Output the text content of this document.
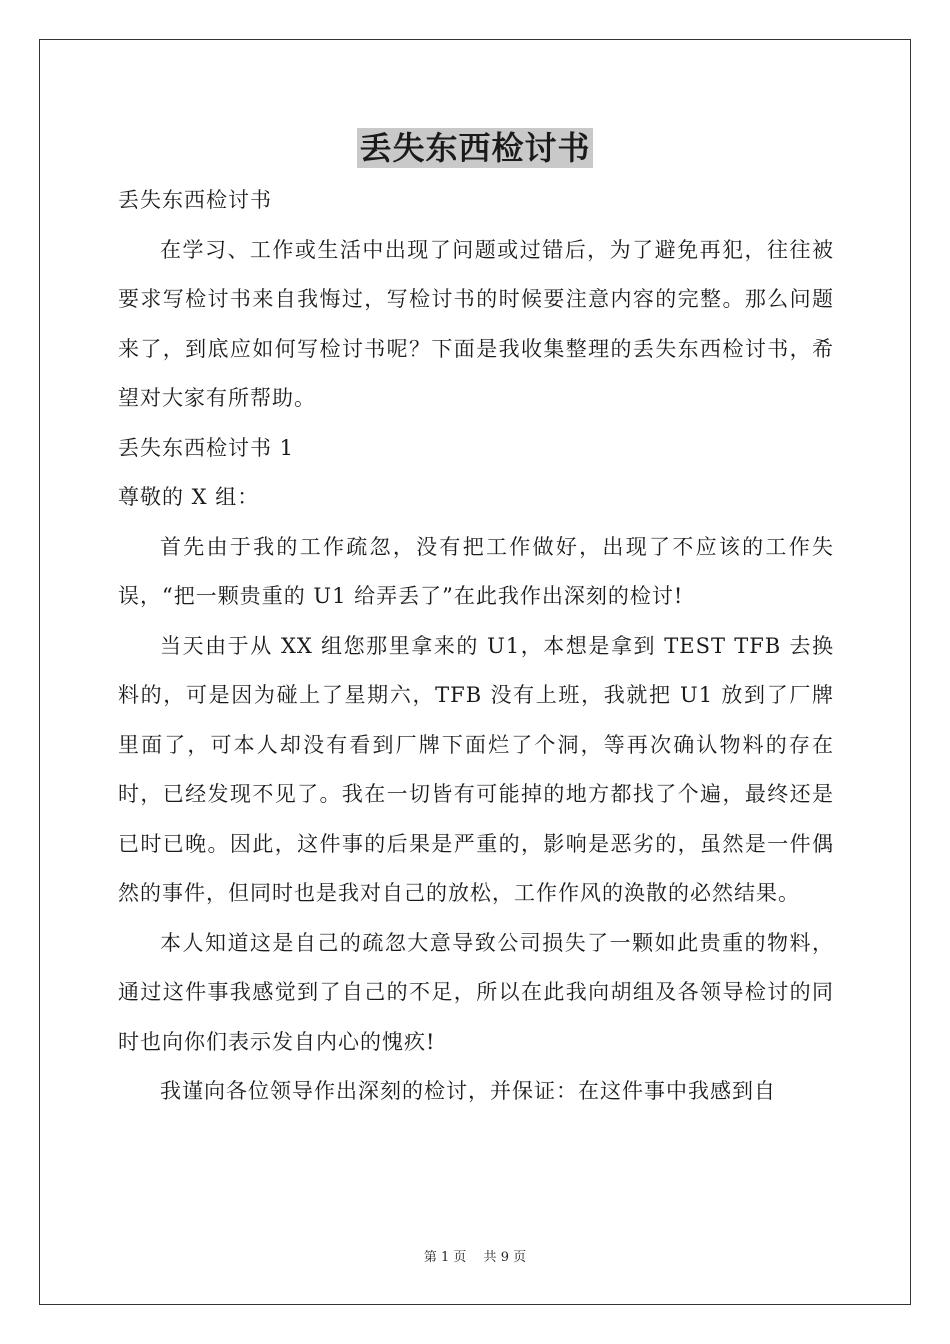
丢失东西检讨书

丢失东西检讨书

在学习、工作或生活中出现了问题或过错后，为了避免再犯，往往被要求写检讨书来自我悔过，写检讨书的时候要注意内容的完整。那么问题来了，到底应如何写检讨书呢？下面是我收集整理的丢失东西检讨书，希望对大家有所帮助。

丢失东西检讨书 1

尊敬的 X 组：

首先由于我的工作疏忽，没有把工作做好，出现了不应该的工作失误，“把一颗贵重的 U1 给弄丢了”在此我作出深刻的检讨!

当天由于从 XX 组您那里拿来的 U1，本想是拿到 TEST TFB 去换料的，可是因为碰上了星期六，TFB 没有上班，我就把 U1 放到了厂牌里面了，可本人却没有看到厂牌下面烂了个洞，等再次确认物料的存在时，已经发现不见了。我在一切皆有可能掉的地方都找了个遍，最终还是已时已晚。因此，这件事的后果是严重的，影响是恶劣的，虽然是一件偶然的事件，但同时也是我对自己的放松，工作作风的涣散的必然结果。

本人知道这是自己的疏忽大意导致公司损失了一颗如此贵重的物料，通过这件事我感觉到了自己的不足，所以在此我向胡组及各领导检讨的同时也向你们表示发自内心的愧疚!

我谨向各位领导作出深刻的检讨，并保证：在这件事中我感到自

第 1 页　 共 9 页
